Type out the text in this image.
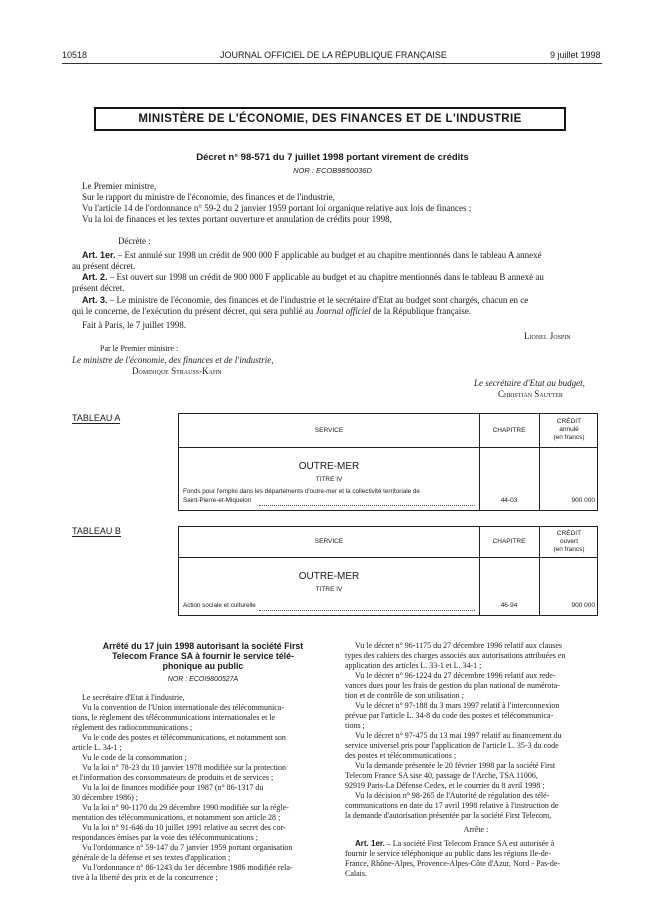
10518	JOURNAL OFFICIEL DE LA RÉPUBLIQUE FRANÇAISE	9 juillet 1998
MINISTÈRE DE L'ÉCONOMIE, DES FINANCES ET DE L'INDUSTRIE
Décret n° 98-571 du 7 juillet 1998 portant virement de crédits
NOR : ECOB9850036D
Le Premier ministre,
Sur le rapport du ministre de l'économie, des finances et de l'industrie,
Vu l'article 14 de l'ordonnance n° 59-2 du 2 janvier 1959 portant loi organique relative aux lois de finances ;
Vu la loi de finances et les textes portant ouverture et annulation de crédits pour 1998,
Décrète :
Art. 1er. – Est annulé sur 1998 un crédit de 900 000 F applicable au budget et au chapitre mentionnés dans le tableau A annexé
au présent décret.
Art. 2. – Est ouvert sur 1998 un crédit de 900 000 F applicable au budget et au chapitre mentionnés dans le tableau B annexé au
présent décret.
Art. 3. – Le ministre de l'économie, des finances et de l'industrie et le secrétaire d'Etat au budget sont chargés, chacun en ce
qui le concerne, de l'exécution du présent décret, qui sera publié au Journal officiel de la République française.
Fait à Paris, le 7 juillet 1998.
Lionel Jospin
Par le Premier ministre :
Le ministre de l'économie, des finances et de l'industrie,
Dominique Strauss-Kahn
Le secrétaire d'Etat au budget,
Christian Sautter
TABLEAU A
SERVICE	CHAPITRE
CRÉDIT
annulé
(en francs)
OUTRE-MER
TITRE IV
Fonds pour l'emploi dans les départements d'outre-mer et la collectivité territoriale de
Saint-Pierre-et-Miquelon	44-03	900 000
TABLEAU B
SERVICE	CHAPITRE
CRÉDIT
ouvert
(en francs)
OUTRE-MER
TITRE IV
Action sociale et culturelle	46-94	900 000
Arrêté du 17 juin 1998 autorisant la société First
Telecom France SA à fournir le service télé-
phonique au public
NOR : ECOI9800527A
Le secrétaire d'Etat à l'industrie,
Vu la convention de l'Union internationale des télécommunica-
tions, le règlement des télécommunications internationales et le
règlement des radiocommunications ;
Vu le code des postes et télécommunications, et notamment son
article L. 34-1 ;
Vu le code de la consommation ;
Vu la loi n° 78-23 du 10 janvier 1978 modifiée sur la protection
et l'information des consommateurs de produits et de services ;
Vu la loi de finances modifiée pour 1987 (n° 86-1317 du
30 décembre 1986) ;
Vu la loi n° 90-1170 du 29 décembre 1990 modifiée sur la régle-
mentation des télécommunications, et notamment son article 28 ;
Vu la loi n° 91-646 du 10 juillet 1991 relative au secret des cor-
respondances émises par la voie des télécommunications ;
Vu l'ordonnance n° 59-147 du 7 janvier 1959 portant organisation
générale de la défense et ses textes d'application ;
Vu l'ordonnance n° 86-1243 du 1er décembre 1986 modifiée rela-
tive à la liberté des prix et de la concurrence ;
Vu le décret n° 96-1175 du 27 décembre 1996 relatif aux clauses
types des cahiers des charges associés aux autorisations attribuées en
application des articles L. 33-1 et L. 34-1 ;
Vu le décret n° 96-1224 du 27 décembre 1996 relatif aux rede-
vances dues pour les frais de gestion du plan national de numérota-
tion et de contrôle de son utilisation ;
Vu le décret n° 97-188 du 3 mars 1997 relatif à l'interconnexion
prévue par l'article L. 34-8 du code des postes et télécommunica-
tions ;
Vu le décret n° 97-475 du 13 mai 1997 relatif au financement du
service universel pris pour l'application de l'article L. 35-3 du code
des postes et télécommunications ;
Vu la demande présentée le 20 février 1998 par la société First
Telecom France SA sise 40, passage de l'Arche, TSA 11006,
92919 Paris-La Défense Cedex, et le courrier du 8 avril 1998 ;
Vu la décision n° 98-265 de l'Autorité de régulation des télé-
communications en date du 17 avril 1998 relative à l'instruction de
la demande d'autorisation présentée par la société First Telecom,
Arrête :
Art. 1er. – La société First Telecom France SA est autorisée à
fournir le service téléphonique au public dans les régions Ile-de-
France, Rhône-Alpes, Provence-Alpes-Côte d'Azur, Nord - Pas-de-
Calais.
